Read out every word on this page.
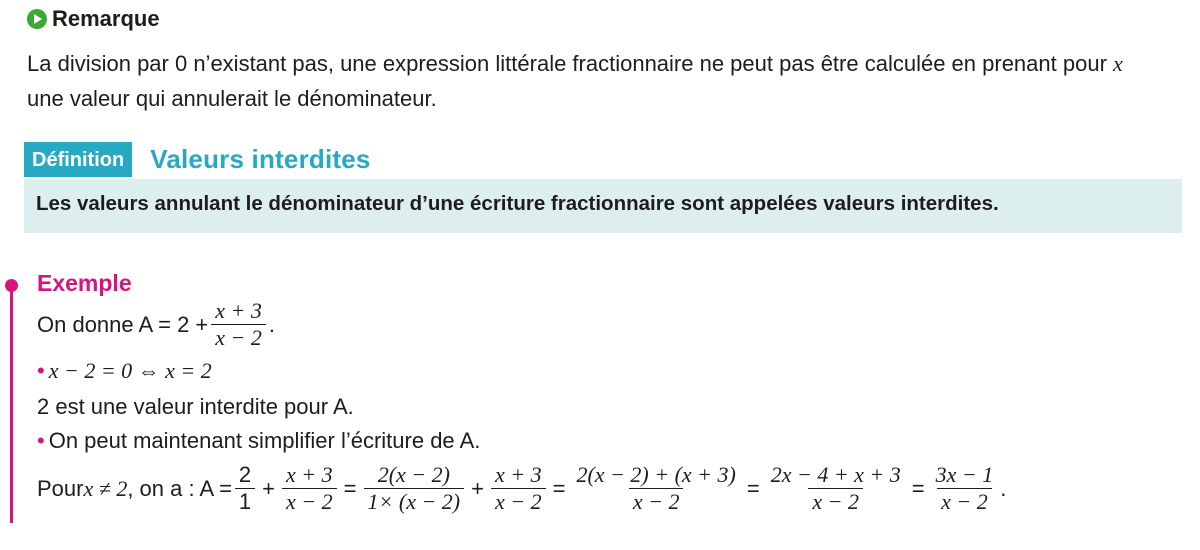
Remarque
La division par 0 n’existant pas, une expression littérale fractionnaire ne peut pas être calculée en prenant pour x
une valeur qui annulerait le dénominateur.
Définition	Valeurs interdites
Les valeurs annulant le dénominateur d’une écriture fractionnaire sont appelées valeurs interdites.
Exemple
On donne $A = 2 + \frac{x + 3}{x - 2}$ .
• x − 2 = 0 ⇔ x = 2
2 est une valeur interdite pour A.
• On peut maintenant simplifier l’écriture de A.
Pour x ≠ 2 , on a : $A = \frac{2}{1} + \frac{x + 3}{x - 2} = \frac{2(x - 2)}{1\times (x - 2)} + \frac{x + 3}{x - 2} = \frac{2(x - 2) + (x + 3)}{x - 2} = \frac{2x - 4 + x + 3}{x - 2} = \frac{3x - 1}{x - 2}$ .
